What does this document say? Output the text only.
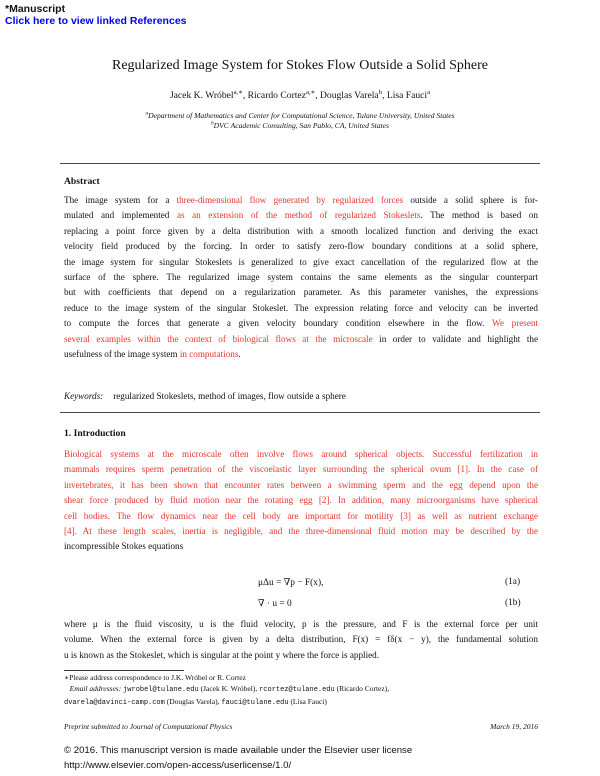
*Manuscript
Click here to view linked References
Regularized Image System for Stokes Flow Outside a Solid Sphere
Jacek K. Wróbel$^{a,∗}$, Ricardo Cortez$^{a,∗}$, Douglas Varela$^b$, Lisa Fauci$^a$
$^a$Department of Mathematics and Center for Computational Science, Tulane University, United States
$^b$DVC Academic Consulting, San Pablo, CA, United States
Abstract
The image system for a three-dimensional flow generated by regularized forces outside a solid sphere is for-
mulated and implemented as an extension of the method of regularized Stokeslets. The method is based on
replacing a point force given by a delta distribution with a smooth localized function and deriving the exact
velocity field produced by the forcing. In order to satisfy zero-flow boundary conditions at a solid sphere,
the image system for singular Stokeslets is generalized to give exact cancellation of the regularized flow at the
surface of the sphere. The regularized image system contains the same elements as the singular counterpart
but with coefficients that depend on a regularization parameter. As this parameter vanishes, the expressions
reduce to the image system of the singular Stokeslet. The expression relating force and velocity can be inverted
to compute the forces that generate a given velocity boundary condition elsewhere in the flow. We present
several examples within the context of biological flows at the microscale in order to validate and highlight the
usefulness of the image system in computations.
Keywords: regularized Stokeslets, method of images, flow outside a sphere
1. Introduction
Biological systems at the microscale often involve flows around spherical objects. Successful fertilization in
mammals requires sperm penetration of the viscoelastic layer surrounding the spherical ovum [1]. In the case of
invertebrates, it has been shown that encounter rates between a swimming sperm and the egg depend upon the
shear force produced by fluid motion near the rotating egg [2]. In addition, many microorganisms have spherical
cell bodies. The flow dynamics near the cell body are important for motility [3] as well as nutrient exchange
[4]. At these length scales, inertia is negligible, and the three-dimensional fluid motion may be described by the
incompressible Stokes equations
μΔu = ∇p − F(x),	(1a)
∇ · u = 0	(1b)
where μ is the fluid viscosity, u is the fluid velocity, p is the pressure, and F is the external force per unit
volume. When the external force is given by a delta distribution, F(x) = fδ(x − y), the fundamental solution
u is known as the Stokeslet, which is singular at the point y where the force is applied.
∗Please address correspondence to J.K. Wróbel or R. Cortez
Email addresses: jwrobel@tulane.edu (Jacek K. Wróbel), rcortez@tulane.edu (Ricardo Cortez),
dvarela@davinci-camp.com (Douglas Varela), fauci@tulane.edu (Lisa Fauci)
Preprint submitted to Journal of Computational Physics	March 19, 2016
© 2016. This manuscript version is made available under the Elsevier user license
http://www.elsevier.com/open-access/userlicense/1.0/
